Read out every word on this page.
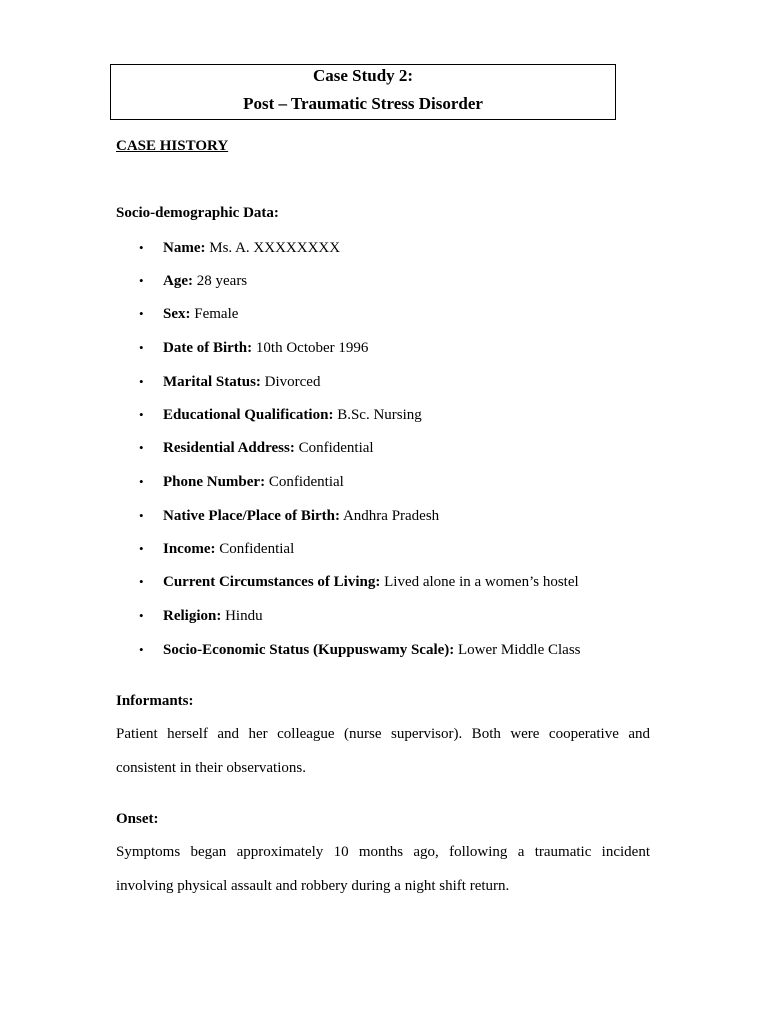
Case Study 2:
Post – Traumatic Stress Disorder
CASE HISTORY
Socio-demographic Data:
• Name: Ms. A. XXXXXXXX
• Age: 28 years
• Sex: Female
• Date of Birth: 10th October 1996
• Marital Status: Divorced
• Educational Qualification: B.Sc. Nursing
• Residential Address: Confidential
• Phone Number: Confidential
• Native Place/Place of Birth: Andhra Pradesh
• Income: Confidential
• Current Circumstances of Living: Lived alone in a women’s hostel
• Religion: Hindu
• Socio-Economic Status (Kuppuswamy Scale): Lower Middle Class
Informants:
Patient herself and her colleague (nurse supervisor). Both were cooperative and
consistent in their observations.
Onset:
Symptoms began approximately 10 months ago, following a traumatic incident
involving physical assault and robbery during a night shift return.
